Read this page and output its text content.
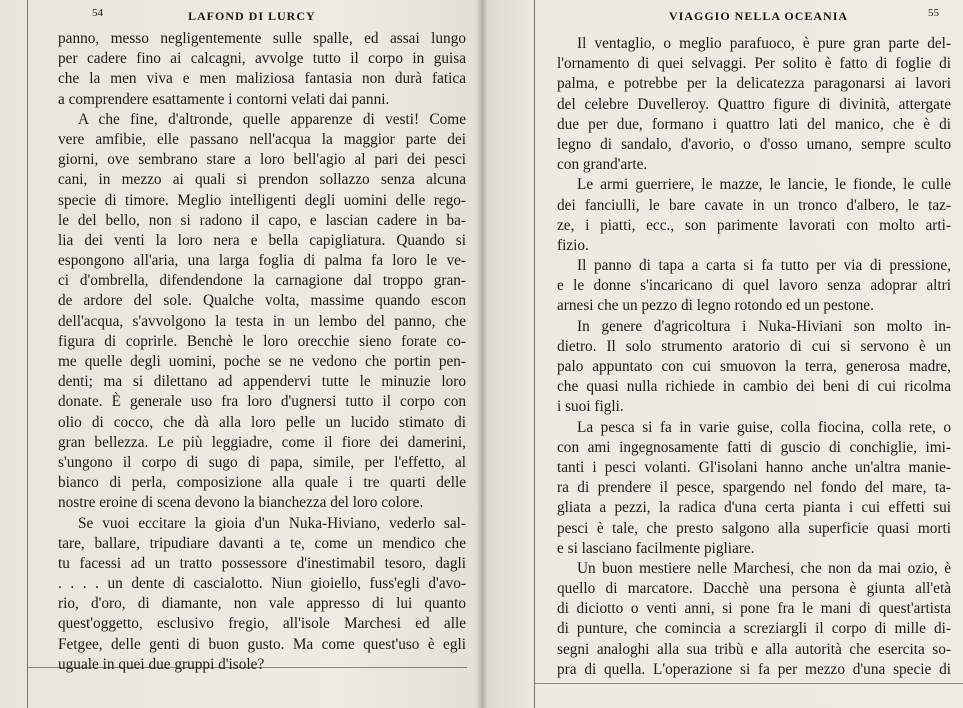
54	LAFOND DI LURCY
panno, messo negligentemente sulle spalle, ed assai lungo
per cadere fino ai calcagni, avvolge tutto il corpo in guisa
che la men viva e men maliziosa fantasia non durà fatica
a comprendere esattamente i contorni velati dai panni.
A che fine, d'altronde, quelle apparenze di vesti! Come
vere amfibie, elle passano nell'acqua la maggior parte dei
giorni, ove sembrano stare a loro bell'agio al pari dei pesci
cani, in mezzo ai quali si prendon sollazzo senza alcuna
specie di timore. Meglio intelligenti degli uomini delle rego-
le del bello, non si radono il capo, e lascian cadere in ba-
lia dei venti la loro nera e bella capigliatura. Quando si
espongono all'aria, una larga foglia di palma fa loro le ve-
ci d'ombrella, difendendone la carnagione dal troppo gran-
de ardore del sole. Qualche volta, massime quando escon
dell'acqua, s'avvolgono la testa in un lembo del panno, che
figura di coprirle. Benchè le loro orecchie sieno forate co-
me quelle degli uomini, poche se ne vedono che portin pen-
denti; ma si dilettano ad appendervi tutte le minuzie loro
donate. È generale uso fra loro d'ugnersi tutto il corpo con
olio di cocco, che dà alla loro pelle un lucido stimato di
gran bellezza. Le più leggiadre, come il fiore dei damerini,
s'ungono il corpo di sugo di papa, simile, per l'effetto, al
bianco di perla, composizione alla quale i tre quarti delle
nostre eroine di scena devono la bianchezza del loro colore.
Se vuoi eccitare la gioia d'un Nuka-Hiviano, vederlo sal-
tare, ballare, tripudiare davanti a te, come un mendico che
tu facessi ad un tratto possessore d'inestimabil tesoro, dagli
. . . . un dente di cascialotto. Niun gioiello, fuss'egli d'avo-
rio, d'oro, di diamante, non vale appresso di lui quanto
quest'oggetto, esclusivo fregio, all'isole Marchesi ed alle
Fetgee, delle genti di buon gusto. Ma come quest'uso è egli
uguale in quei due gruppi d'isole?
VIAGGIO NELLA OCEANIA	55
Il ventaglio, o meglio parafuoco, è pure gran parte del-
l'ornamento di quei selvaggi. Per solito è fatto di foglie di
palma, e potrebbe per la delicatezza paragonarsi ai lavori
del celebre Duvelleroy. Quattro figure di divinità, attergate
due per due, formano i quattro lati del manico, che è di
legno di sandalo, d'avorio, o d'osso umano, sempre sculto
con grand'arte.
Le armi guerriere, le mazze, le lancie, le fionde, le culle
dei fanciulli, le bare cavate in un tronco d'albero, le taz-
ze, i piatti, ecc., son parimente lavorati con molto arti-
fizio.
Il panno di tapa a carta si fa tutto per via di pressione,
e le donne s'incaricano di quel lavoro senza adoprar altri
arnesi che un pezzo di legno rotondo ed un pestone.
In genere d'agricoltura i Nuka-Hiviani son molto in-
dietro. Il solo strumento aratorio di cui si servono è un
palo appuntato con cui smuovon la terra, generosa madre,
che quasi nulla richiede in cambio dei beni di cui ricolma
i suoi figli.
La pesca si fa in varie guise, colla fiocina, colla rete, o
con ami ingegnosamente fatti di guscio di conchiglie, imi-
tanti i pesci volanti. Gl'isolani hanno anche un'altra manie-
ra di prendere il pesce, spargendo nel fondo del mare, ta-
gliata a pezzi, la radica d'una certa pianta i cui effetti sui
pesci è tale, che presto salgono alla superficie quasi morti
e si lasciano facilmente pigliare.
Un buon mestiere nelle Marchesi, che non da mai ozio, è
quello di marcatore. Dacchè una persona è giunta all'età
di diciotto o venti anni, si pone fra le mani di quest'artista
di punture, che comincia a screziargli il corpo di mille di-
segni analoghi alla sua tribù e alla autorità che esercita so-
pra di quella. L'operazione si fa per mezzo d'una specie di
